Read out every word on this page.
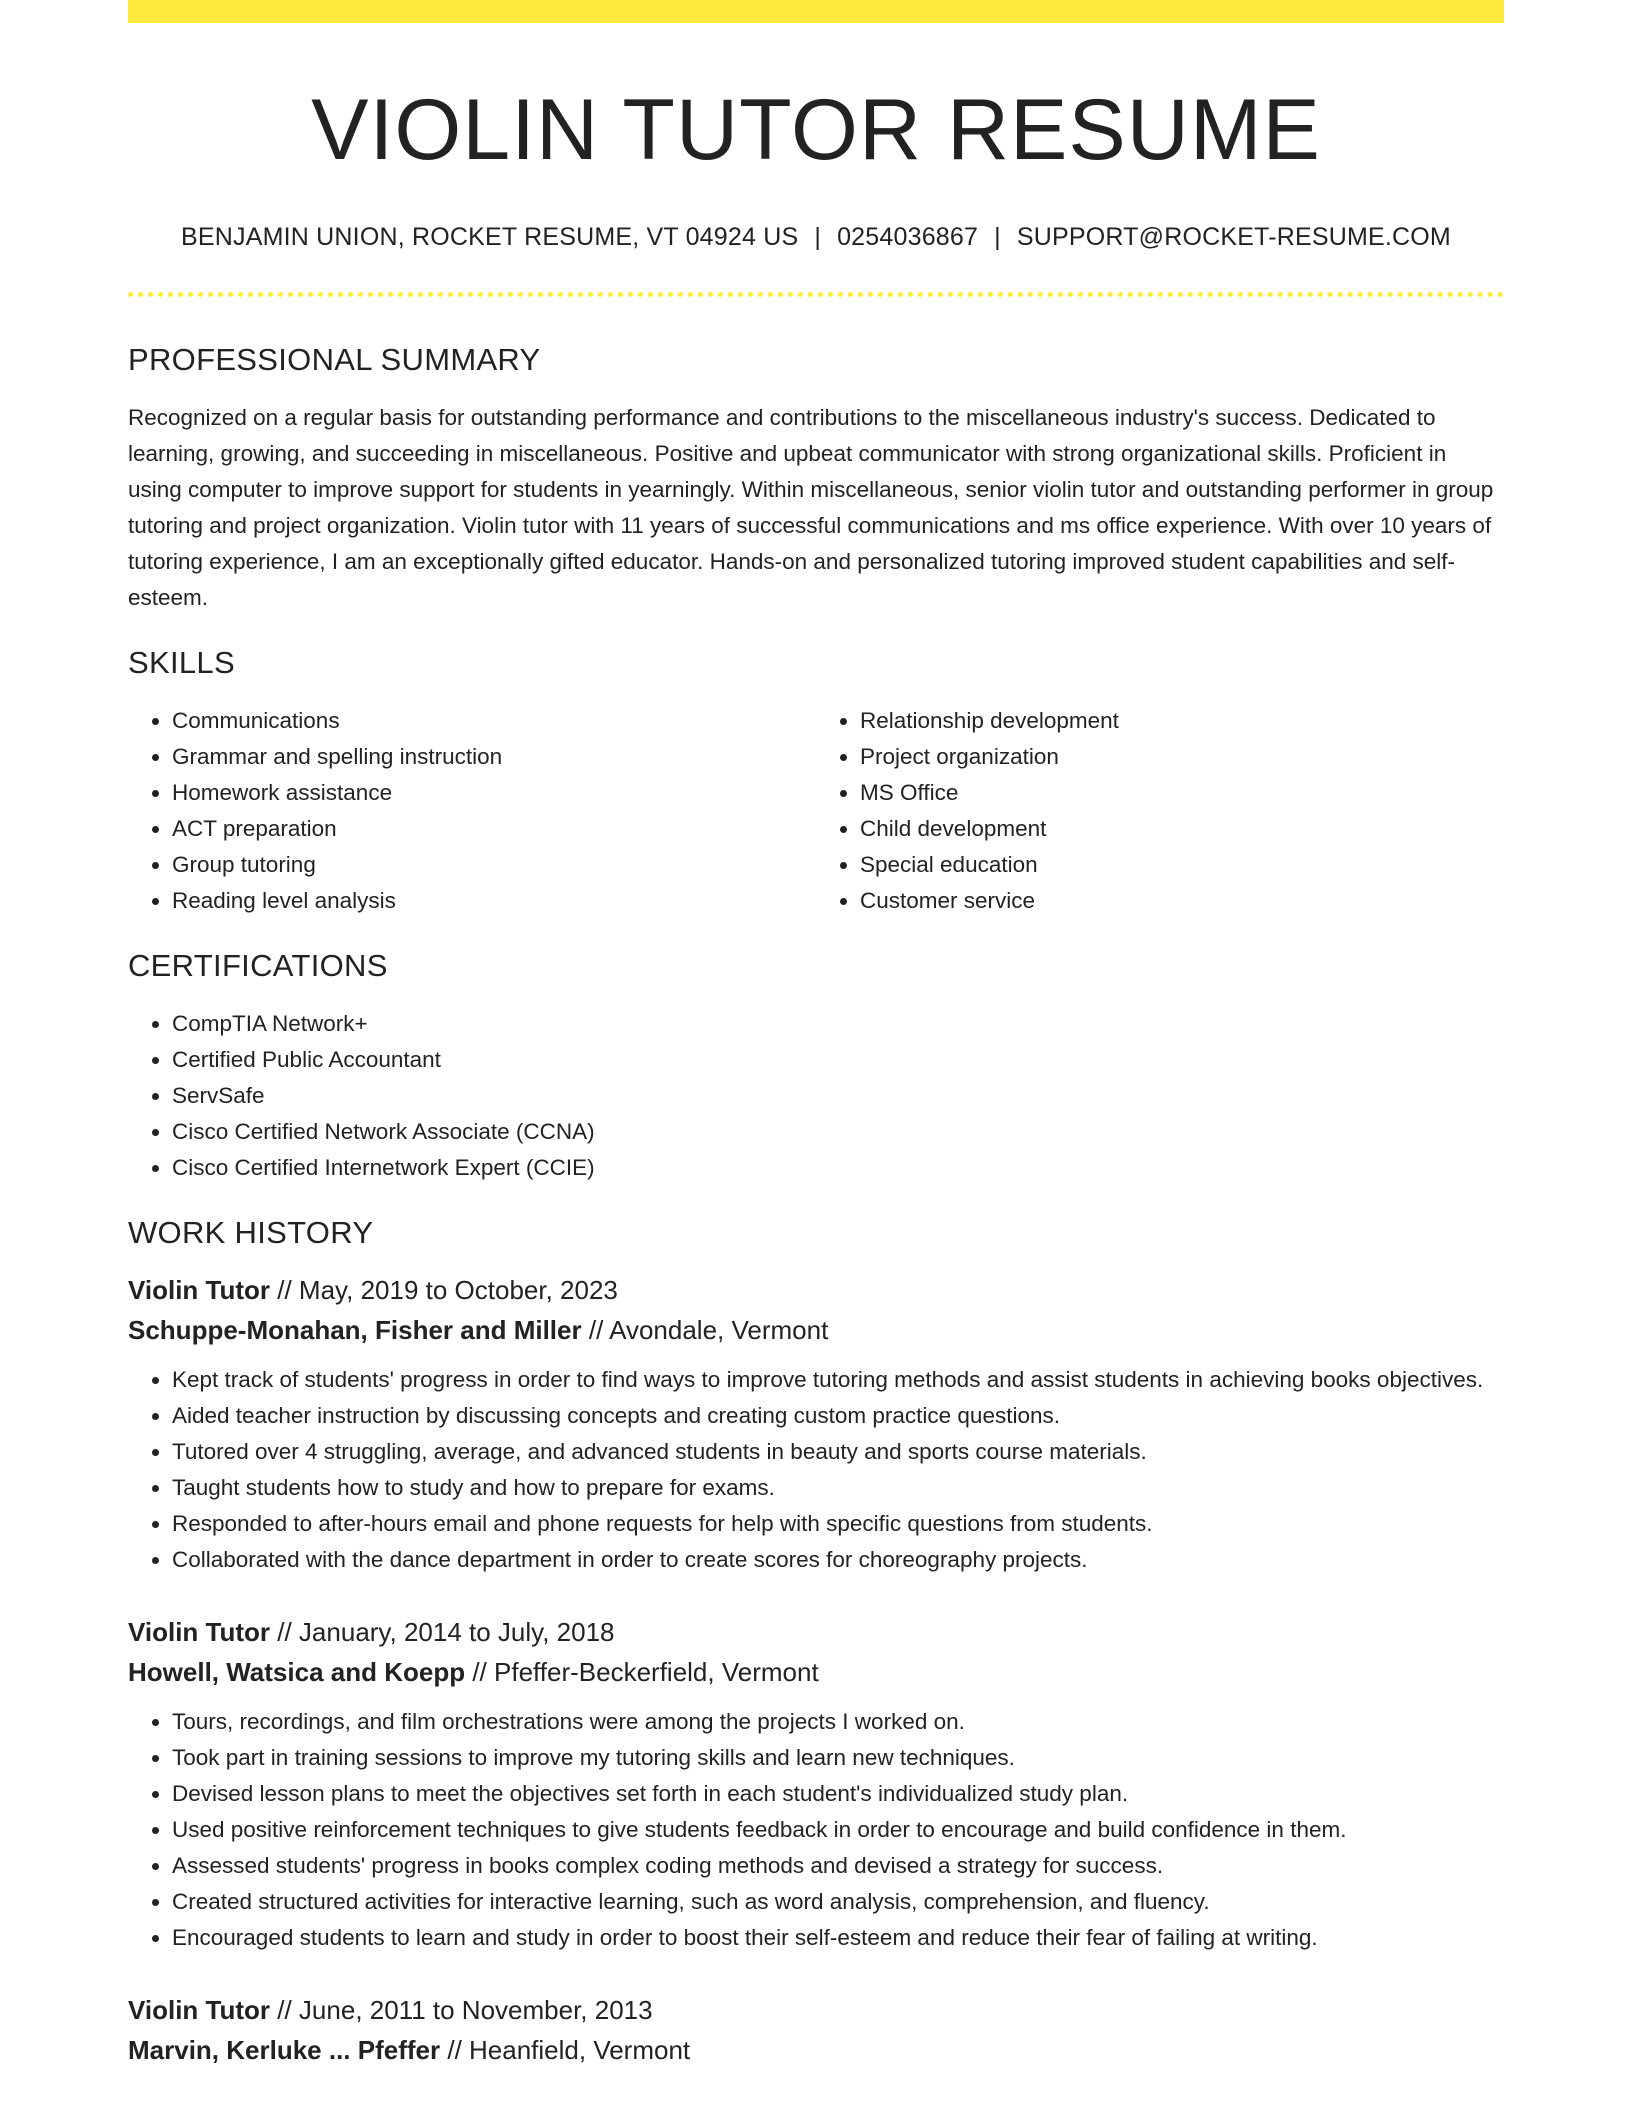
VIOLIN TUTOR RESUME
BENJAMIN UNION, ROCKET RESUME, VT 04924 US | 0254036867 | SUPPORT@ROCKET-RESUME.COM
PROFESSIONAL SUMMARY

Recognized on a regular basis for outstanding performance and contributions to the miscellaneous industry's success. Dedicated to learning, growing, and succeeding in miscellaneous. Positive and upbeat communicator with strong organizational skills. Proficient in using computer to improve support for students in yearningly. Within miscellaneous, senior violin tutor and outstanding performer in group tutoring and project organization. Violin tutor with 11 years of successful communications and ms office experience. With over 10 years of tutoring experience, I am an exceptionally gifted educator. Hands-on and personalized tutoring improved student capabilities and self-esteem.

SKILLS
• Communications
• Grammar and spelling instruction
• Homework assistance
• ACT preparation
• Group tutoring
• Reading level analysis
• Relationship development
• Project organization
• MS Office
• Child development
• Special education
• Customer service
CERTIFICATIONS
• CompTIA Network+
• Certified Public Accountant
• ServSafe
• Cisco Certified Network Associate (CCNA)
• Cisco Certified Internetwork Expert (CCIE)
WORK HISTORY

Violin Tutor // May, 2019 to October, 2023

Schuppe-Monahan, Fisher and Miller // Avondale, Vermont

• Kept track of students' progress in order to find ways to improve tutoring methods and assist students in achieving books objectives.
• Aided teacher instruction by discussing concepts and creating custom practice questions.
• Tutored over 4 struggling, average, and advanced students in beauty and sports course materials.
• Taught students how to study and how to prepare for exams.
• Responded to after-hours email and phone requests for help with specific questions from students.
• Collaborated with the dance department in order to create scores for choreography projects.

Violin Tutor // January, 2014 to July, 2018

Howell, Watsica and Koepp // Pfeffer-Beckerfield, Vermont

• Tours, recordings, and film orchestrations were among the projects I worked on.
• Took part in training sessions to improve my tutoring skills and learn new techniques.
• Devised lesson plans to meet the objectives set forth in each student's individualized study plan.
• Used positive reinforcement techniques to give students feedback in order to encourage and build confidence in them.
• Assessed students' progress in books complex coding methods and devised a strategy for success.
• Created structured activities for interactive learning, such as word analysis, comprehension, and fluency.
• Encouraged students to learn and study in order to boost their self-esteem and reduce their fear of failing at writing.

Violin Tutor // June, 2011 to November, 2013

Marvin, Kerluke ... Pfeffer // Heanfield, Vermont
